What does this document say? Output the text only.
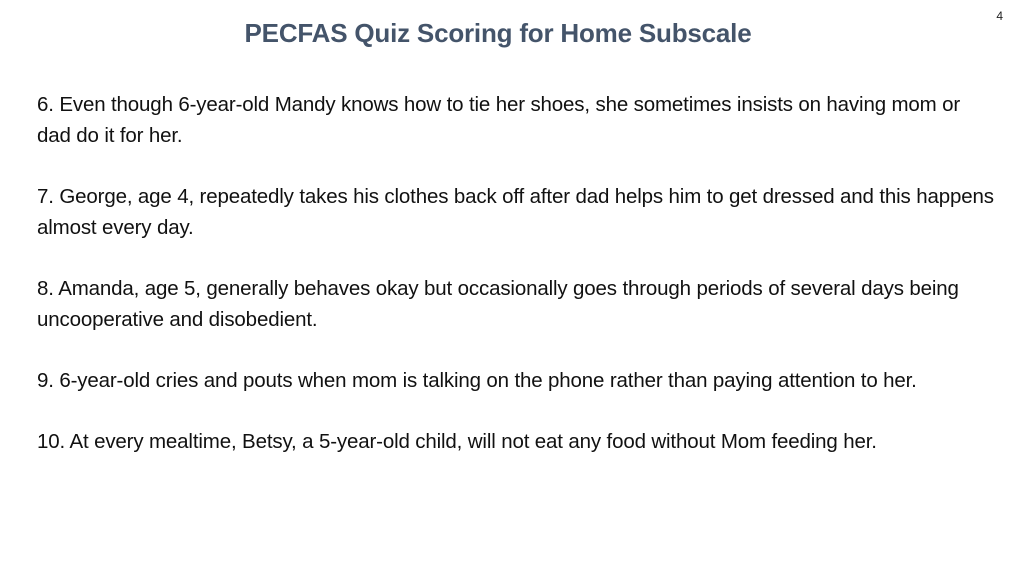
4
PECFAS Quiz Scoring for Home Subscale
6. Even though 6-year-old Mandy knows how to tie her shoes, she sometimes insists on having mom or dad do it for her.
7. George, age 4, repeatedly takes his clothes back off after dad helps him to get dressed and this happens almost every day.
8. Amanda, age 5, generally behaves okay but occasionally goes through periods of several days being uncooperative and disobedient.
9. 6-year-old cries and pouts when mom is talking on the phone rather than paying attention to her.
10. At every mealtime, Betsy, a 5-year-old child, will not eat any food without Mom feeding her.
